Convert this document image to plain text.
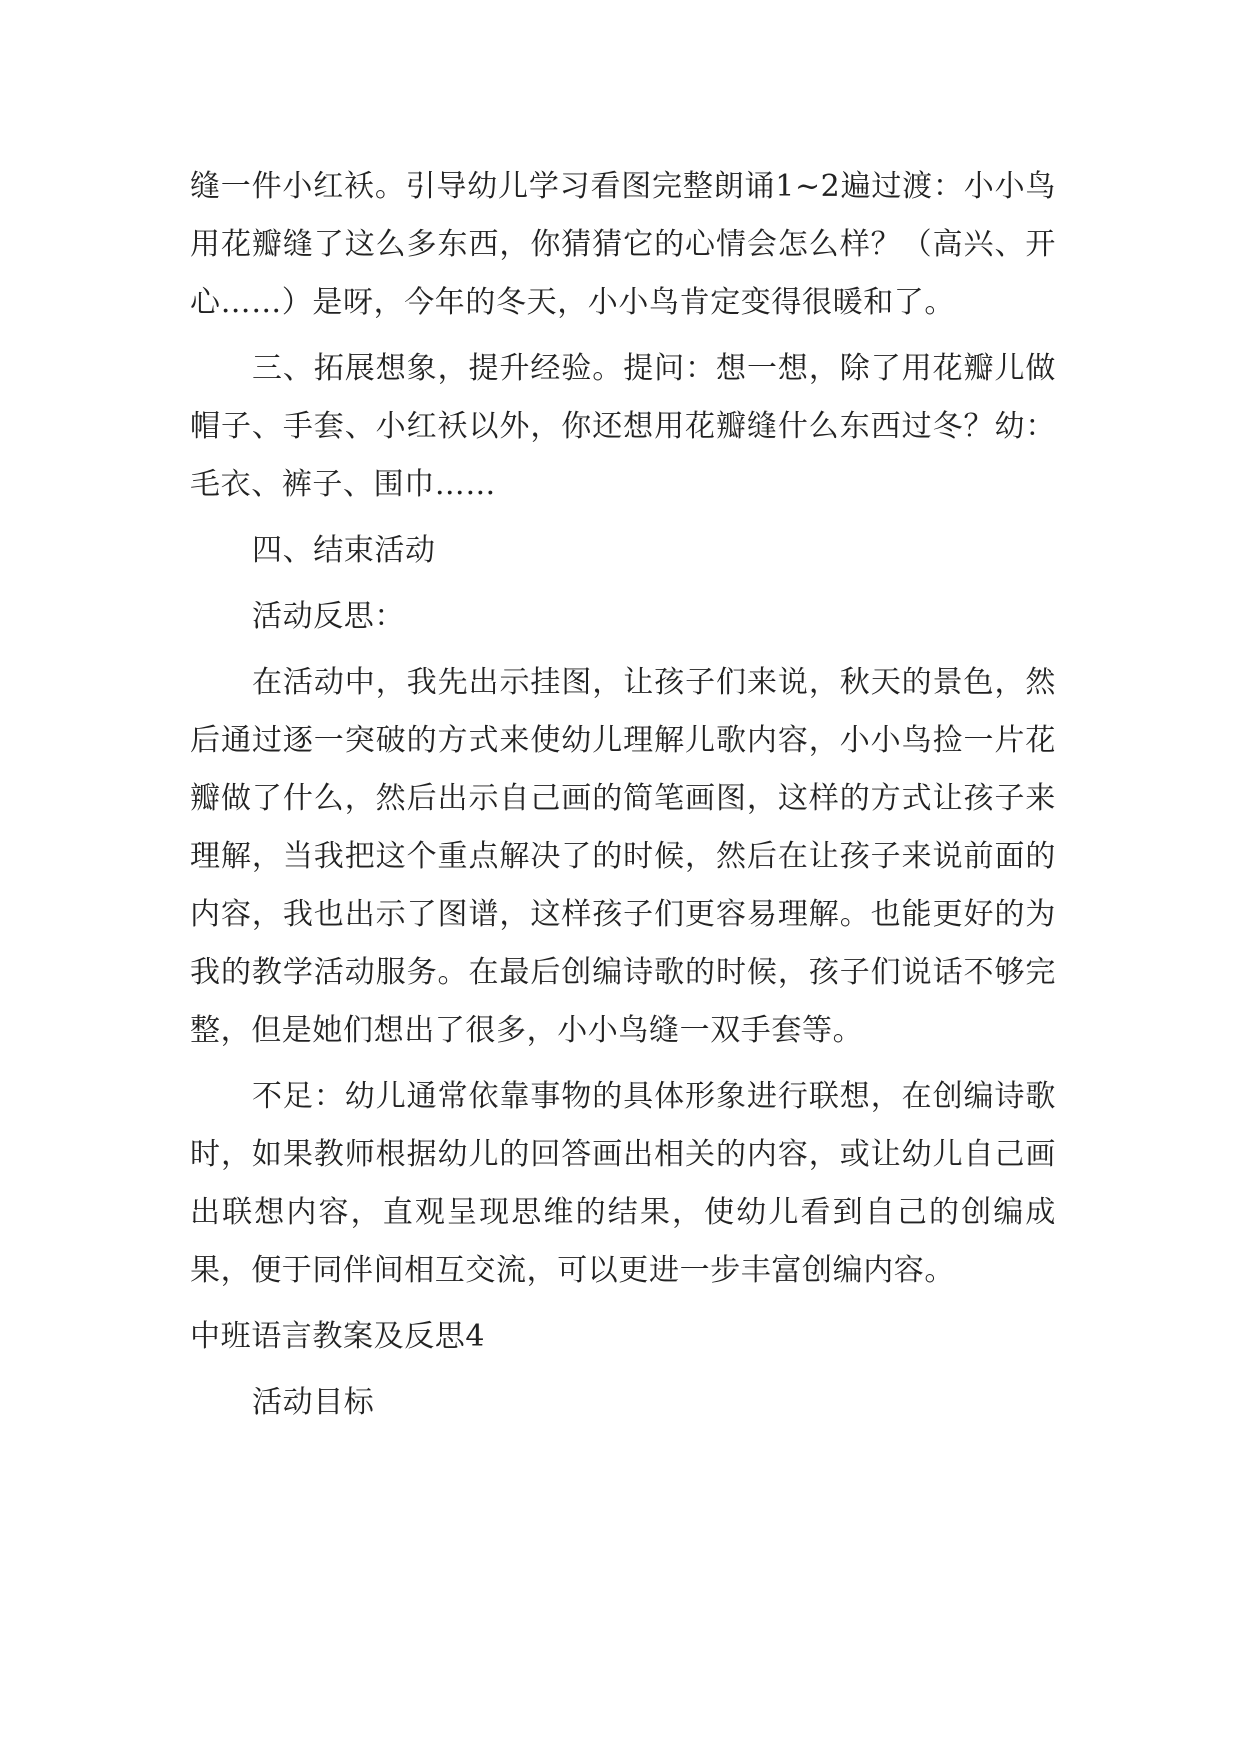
缝一件小红袄。引导幼儿学习看图完整朗诵1~2遍过渡：小小鸟用花瓣缝了这么多东西，你猜猜它的心情会怎么样？（高兴、开心……）是呀，今年的冬天，小小鸟肯定变得很暖和了。

三、拓展想象，提升经验。提问：想一想，除了用花瓣儿做帽子、手套、小红袄以外，你还想用花瓣缝什么东西过冬？幼：毛衣、裤子、围巾……

四、结束活动

活动反思：

在活动中，我先出示挂图，让孩子们来说，秋天的景色，然后通过逐一突破的方式来使幼儿理解儿歌内容，小小鸟捡一片花瓣做了什么，然后出示自己画的简笔画图，这样的方式让孩子来理解，当我把这个重点解决了的时候，然后在让孩子来说前面的内容，我也出示了图谱，这样孩子们更容易理解。也能更好的为我的教学活动服务。在最后创编诗歌的时候，孩子们说话不够完整，但是她们想出了很多，小小鸟缝一双手套等。

不足：幼儿通常依靠事物的具体形象进行联想，在创编诗歌时，如果教师根据幼儿的回答画出相关的内容，或让幼儿自己画出联想内容，直观呈现思维的结果，使幼儿看到自己的创编成果，便于同伴间相互交流，可以更进一步丰富创编内容。

中班语言教案及反思4

活动目标
